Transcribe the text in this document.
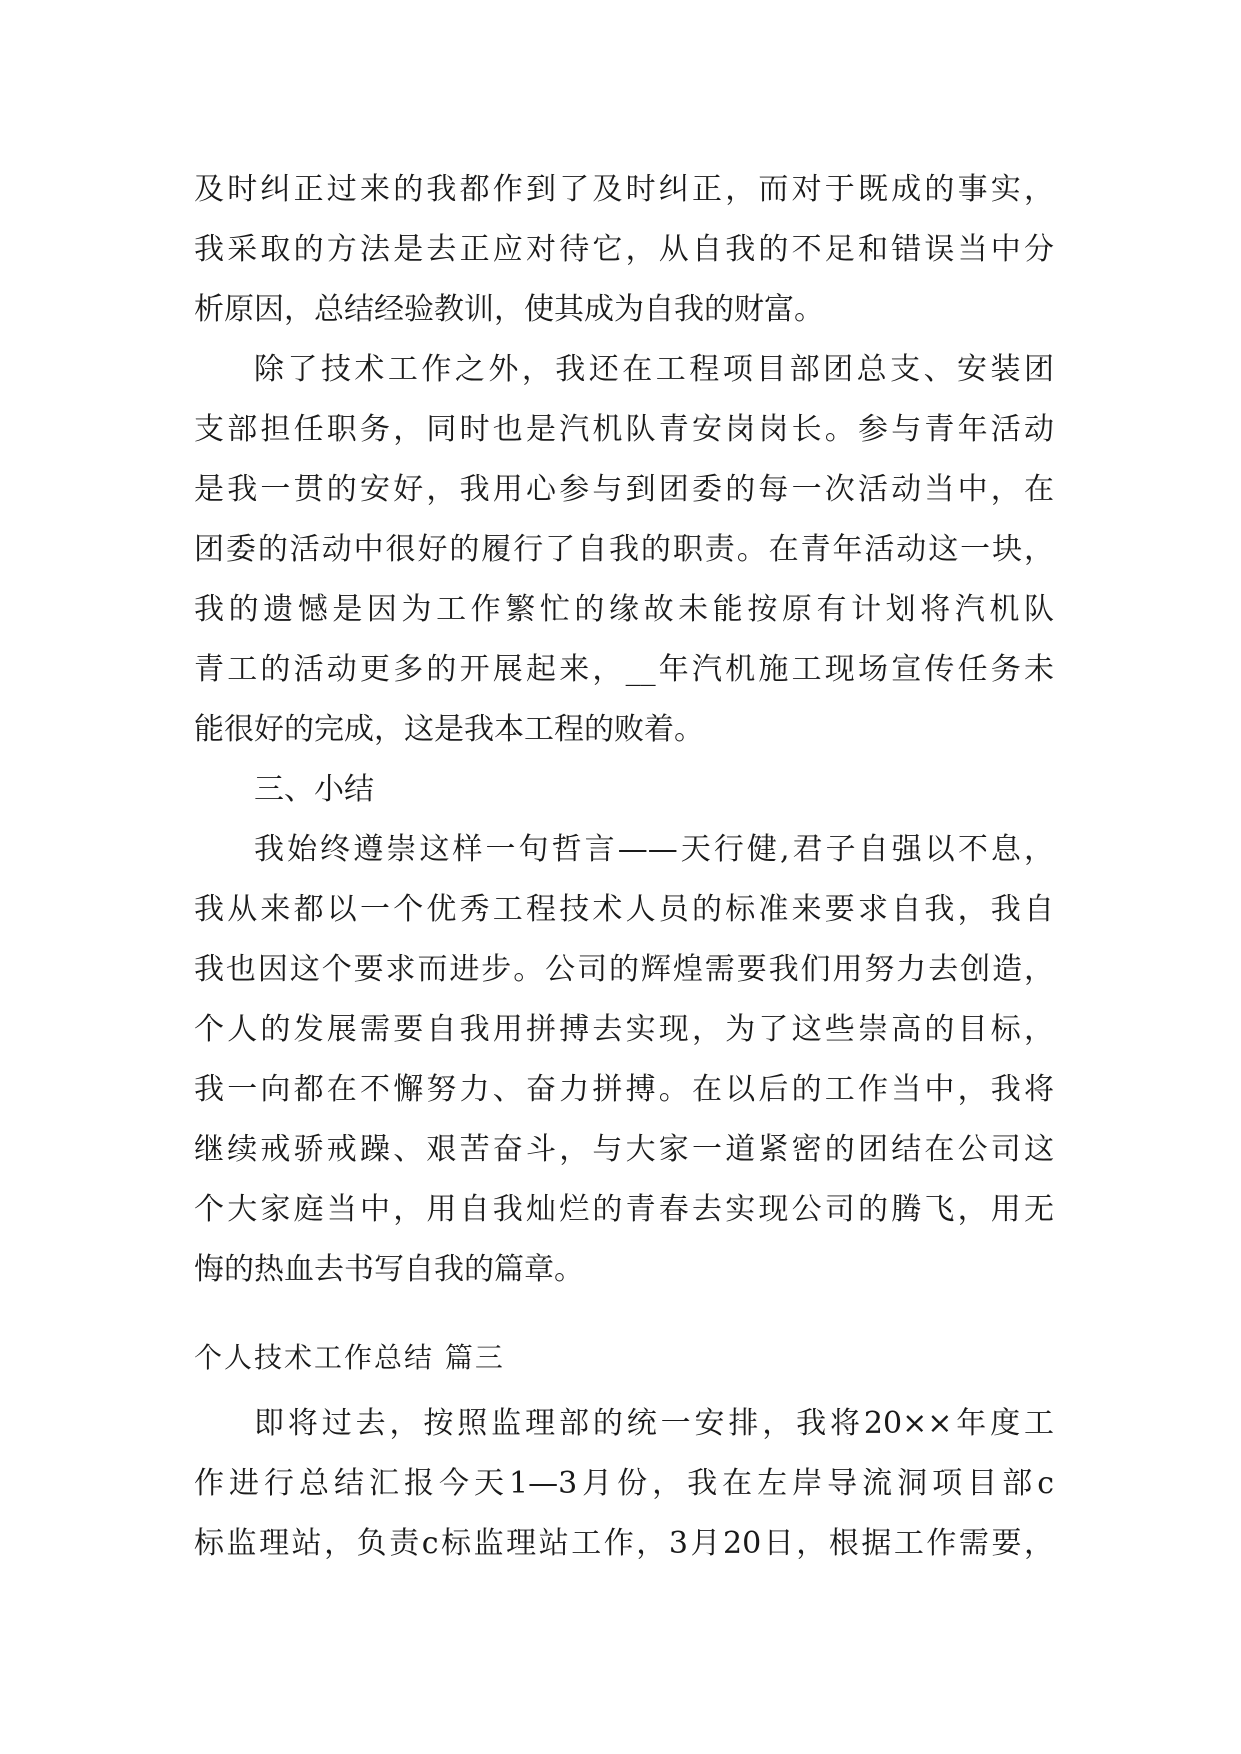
及时纠正过来的我都作到了及时纠正，而对于既成的事实，
我采取的方法是去正应对待它，从自我的不足和错误当中分
析原因，总结经验教训，使其成为自我的财富。
除了技术工作之外，我还在工程项目部团总支、安装团
支部担任职务，同时也是汽机队青安岗岗长。参与青年活动
是我一贯的安好，我用心参与到团委的每一次活动当中，在
团委的活动中很好的履行了自我的职责。在青年活动这一块，
我的遗憾是因为工作繁忙的缘故未能按原有计划将汽机队
青工的活动更多的开展起来，__年汽机施工现场宣传任务未
能很好的完成，这是我本工程的败着。
三、小结
我始终遵崇这样一句哲言——天行健,君子自强以不息，
我从来都以一个优秀工程技术人员的标准来要求自我，我自
我也因这个要求而进步。公司的辉煌需要我们用努力去创造，
个人的发展需要自我用拼搏去实现，为了这些崇高的目标，
我一向都在不懈努力、奋力拼搏。在以后的工作当中，我将
继续戒骄戒躁、艰苦奋斗，与大家一道紧密的团结在公司这
个大家庭当中，用自我灿烂的青春去实现公司的腾飞，用无
悔的热血去书写自我的篇章。
个人技术工作总结 篇三
即将过去，按照监理部的统一安排，我将20××年度工
作进行总结汇报今天1—3月份，我在左岸导流洞项目部c
标监理站，负责c标监理站工作，3月20日，根据工作需要，
